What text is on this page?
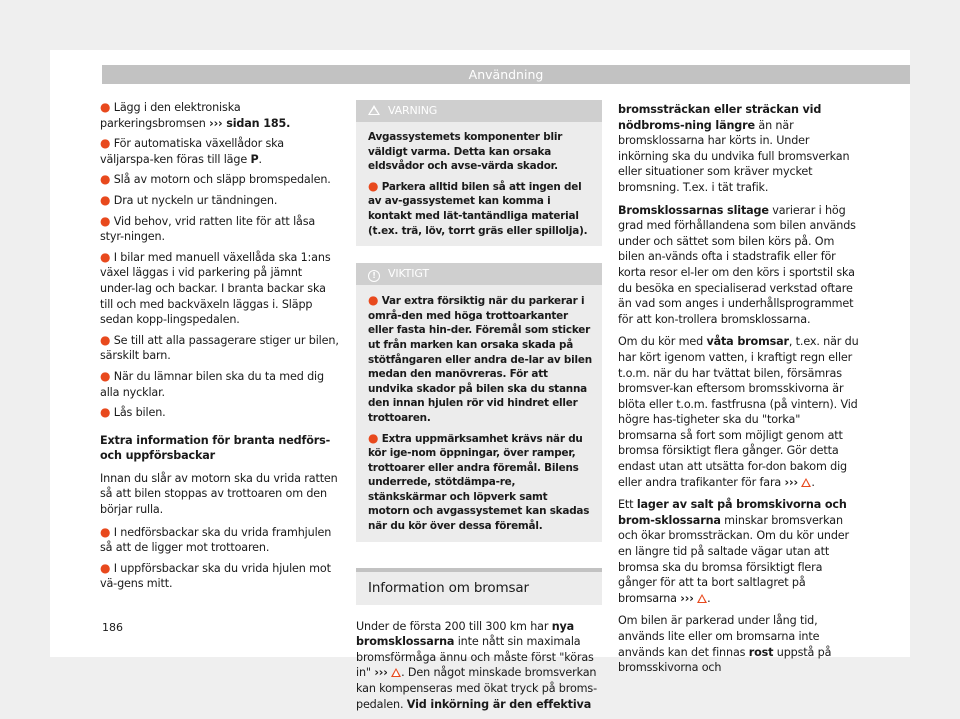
Användning
● Lägg i den elektroniska parkeringsbromsen ››› sidan 185.
● För automatiska växellådor ska väljarspa-ken föras till läge P.
● Slå av motorn och släpp bromspedalen.
● Dra ut nyckeln ur tändningen.
● Vid behov, vrid ratten lite för att låsa styr-ningen.
● I bilar med manuell växellåda ska 1:ans växel läggas i vid parkering på jämnt under-lag och backar. I branta backar ska till och med backväxeln läggas i. Släpp sedan kopp-lingspedalen.
● Se till att alla passagerare stiger ur bilen, särskilt barn.
● När du lämnar bilen ska du ta med dig alla nycklar.
● Lås bilen.

Extra information för branta nedförs- och uppförsbackar

Innan du slår av motorn ska du vrida ratten så att bilen stoppas av trottoaren om den börjar rulla.

● I nedförsbackar ska du vrida framhjulen så att de ligger mot trottoaren.
● I uppförsbackar ska du vrida hjulen mot vä-gens mitt.
VARNING

Avgassystemets komponenter blir väldigt varma. Detta kan orsaka eldsvådor och avse-värda skador.

● Parkera alltid bilen så att ingen del av av-gassystemet kan komma i kontakt med lät-tantändliga material (t.ex. trä, löv, torrt gräs eller spillolja).

! VIKTIGT

● Var extra försiktig när du parkerar i områ-den med höga trottoarkanter eller fasta hin-der. Föremål som sticker ut från marken kan orsaka skada på stötfångaren eller andra de-lar av bilen medan den manövreras. För att undvika skador på bilen ska du stanna den innan hjulen rör vid hindret eller trottoaren.

● Extra uppmärksamhet krävs när du kör ige-nom öppningar, över ramper, trottoarer eller andra föremål. Bilens underrede, stötdämpa-re, stänkskärmar och löpverk samt motorn och avgassystemet kan skadas när du kör över dessa föremål.

Information om bromsar

Under de första 200 till 300 km har nya bromsklossarna inte nått sin maximala bromsförmåga ännu och måste först "köras in" ››› . Den något minskade bromsverkan kan kompenseras med ökat tryck på broms-pedalen. Vid inkörning är den effektiva

bromssträckan eller sträckan vid nödbroms-ning längre än när bromsklossarna har körts in. Under inkörning ska du undvika full bromsverkan eller situationer som kräver mycket bromsning. T.ex. i tät trafik.

Bromsklossarnas slitage varierar i hög grad med förhållandena som bilen används under och sättet som bilen körs på. Om bilen an-vänds ofta i stadstrafik eller för korta resor el-ler om den körs i sportstil ska du besöka en specialiserad verkstad oftare än vad som anges i underhållsprogrammet för att kon-trollera bromsklossarna.

Om du kör med våta bromsar, t.ex. när du har kört igenom vatten, i kraftigt regn eller t.o.m. när du har tvättat bilen, försämras bromsver-kan eftersom bromsskivorna är blöta eller t.o.m. fastfrusna (på vintern). Vid högre has-tigheter ska du "torka" bromsarna så fort som möjligt genom att bromsa försiktigt flera gånger. Gör detta endast utan att utsätta for-don bakom dig eller andra trafikanter för fara ››› .

Ett lager av salt på bromskivorna och brom-sklossarna minskar bromsverkan och ökar bromssträckan. Om du kör under en längre tid på saltade vägar utan att bromsa ska du bromsa försiktigt flera gånger för att ta bort saltlagret på bromsarna ››› .

Om bilen är parkerad under lång tid, används lite eller om bromsarna inte används kan det finnas rost uppstå på bromsskivorna och

186
